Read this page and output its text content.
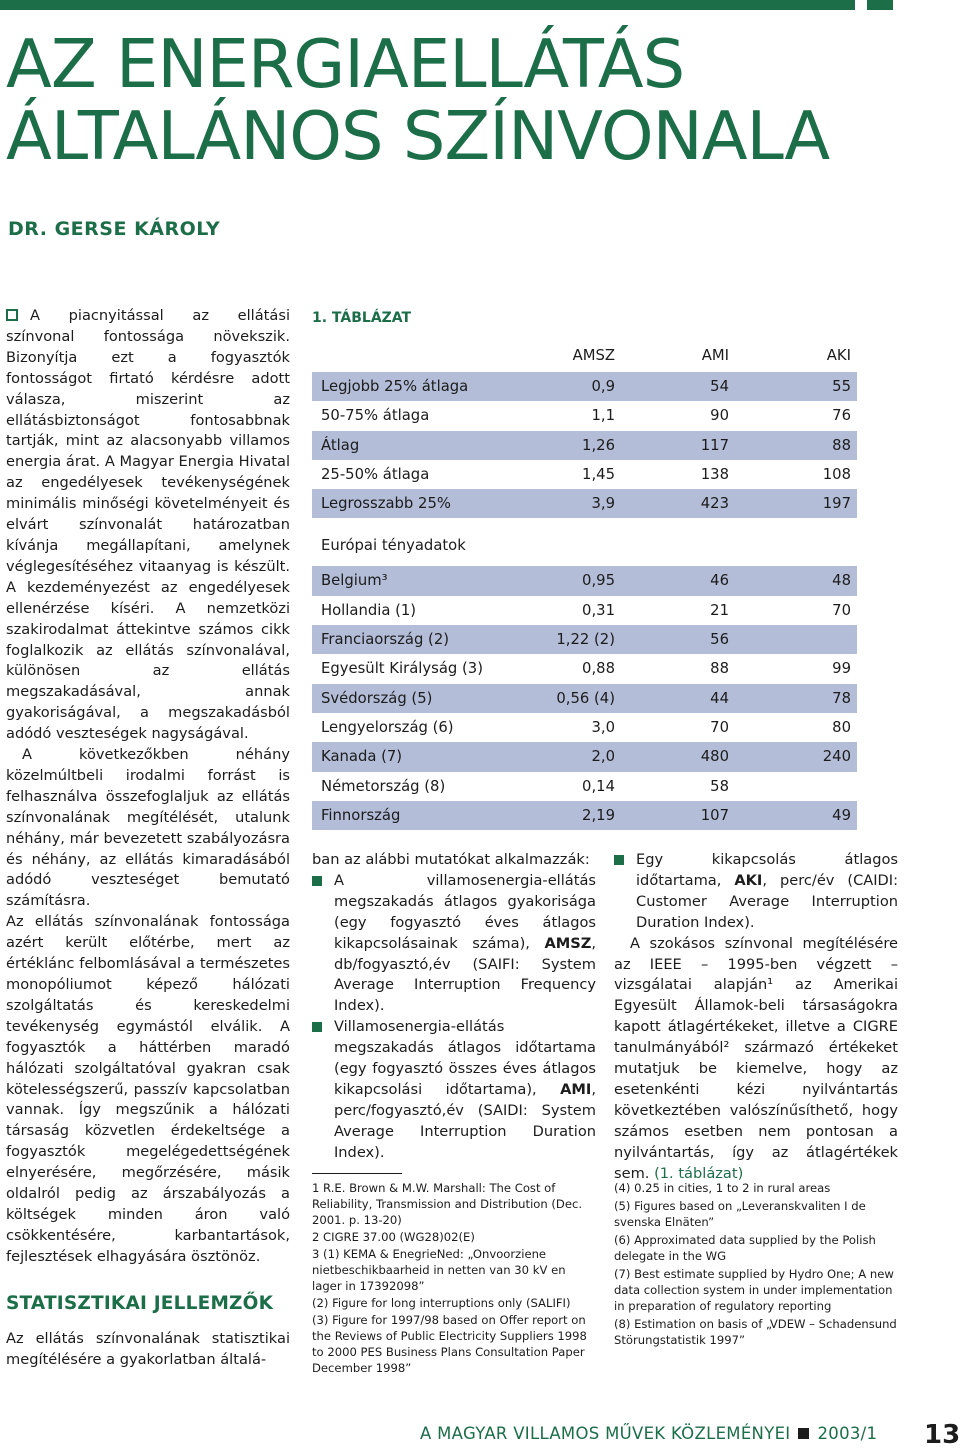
AZ ENERGIAELLÁTÁS
ÁLTALÁNOS SZÍNVONALA
DR. GERSE KÁROLY

A piacnyitással az ellátási színvonal fontossága növekszik. Bizonyítja ezt a fogyasztók fontosságot firtató kérdésre adott válasza, miszerint az ellátásbiztonságot fontosabbnak tartják, mint az alacsonyabb villamos energia árat. A Magyar Energia Hivatal az engedélyesek tevékenységének minimális minőségi követelményeit és elvárt színvonalát határozatban kívánja megállapítani, amelynek véglegesítéséhez vitaanyag is készült. A kezdeményezést az engedélyesek ellenérzése kíséri. A nemzetközi szakirodalmat áttekintve számos cikk foglalkozik az ellátás színvonalával, különösen az ellátás megszakadásával, annak gyakoriságával, a megszakadásból adódó veszteségek nagyságával.

A következőkben néhány közelmúltbeli irodalmi forrást is felhasználva összefoglaljuk az ellátás színvonalának megítélését, utalunk néhány, már bevezetett szabályozásra és néhány, az ellátás kimaradásából adódó veszteséget bemutató számításra.

Az ellátás színvonalának fontossága azért került előtérbe, mert az értéklánc felbomlásával a természetes monopóliumot képező hálózati szolgáltatás és kereskedelmi tevékenység egymástól elválik. A fogyasztók a háttérben maradó hálózati szolgáltatóval gyakran csak kötelességszerű, passzív kapcsolatban vannak. Így megszűnik a hálózati társaság közvetlen érdekeltsége a fogyasztók megelégedettségének elnyerésére, megőrzésére, másik oldalról pedig az árszabályozás a költségek minden áron való csökkentésére, karbantartások, fejlesztések elhagyására ösztönöz.

STATISZTIKAI JELLEMZŐK

Az ellátás színvonalának statisztikai megítélésére a gyakorlatban általá-

1. TÁBLÁZAT
AMSZ	AMI	AKI
Legjobb 25% átlaga	0,9	54	55
50-75% átlaga	1,1	90	76
Átlag	1,26	117	88
25-50% átlaga	1,45	138	108
Legrosszabb 25%	3,9	423	197
Európai tényadatok
Belgium³	0,95	46	48
Hollandia (1)	0,31	21	70
Franciaország (2)	1,22 (2)	56
Egyesült Királyság (3)	0,88	88	99
Svédország (5)	0,56 (4)	44	78
Lengyelország (6)	3,0	70	80
Kanada (7)	2,0	480	240
Németország (8)	0,14	58
Finnország	2,19	107	49

ban az alábbi mutatókat alkalmazzák:

A villamosenergia-ellátás megszakadás átlagos gyakorisága (egy fogyasztó éves átlagos kikapcsolásainak száma), AMSZ, db/fogyasztó,év (SAIFI: System Average Interruption Frequency Index).

Villamosenergia-ellátás megszakadás átlagos időtartama (egy fogyasztó összes éves átlagos kikapcsolási időtartama), AMI, perc/fogyasztó,év (SAIDI: System Average Interruption Duration Index).

Egy kikapcsolás átlagos időtartama, AKI, perc/év (CAIDI: Customer Average Interruption Duration Index).

A szokásos színvonal megítélésére az IEEE – 1995-ben végzett – vizsgálatai alapján¹ az Amerikai Egyesült Államok-beli társaságokra kapott átlagértékeket, illetve a CIGRE tanulmányából² származó értékeket mutatjuk be kiemelve, hogy az esetenkénti kézi nyilvántartás következtében valószínűsíthető, hogy számos esetben nem pontosan a nyilvántartás, így az átlagértékek sem. (1. táblázat)

1 R.E. Brown & M.W. Marshall: The Cost of Reliability, Transmission and Distribution (Dec. 2001. p. 13-20)

2 CIGRE 37.00 (WG28)02(E)

3 (1) KEMA & EnegrieNed: „Onvoorziene nietbeschikbaarheid in netten van 30 kV en lager in 17392098”

(2) Figure for long interruptions only (SALIFI)

(3) Figure for 1997/98 based on Offer report on the Reviews of Public Electricity Suppliers 1998 to 2000 PES Business Plans Consultation Paper December 1998”

(4) 0.25 in cities, 1 to 2 in rural areas

(5) Figures based on „Leveranskvaliten I de svenska Elnäten”

(6) Approximated data supplied by the Polish delegate in the WG

(7) Best estimate supplied by Hydro One; A new data collection system in under implementation in preparation of regulatory reporting

(8) Estimation on basis of „VDEW – Schadensund Störungstatistik 1997”

A MAGYAR VILLAMOS MŰVEK KÖZLEMÉNYEI 2003/1 13
